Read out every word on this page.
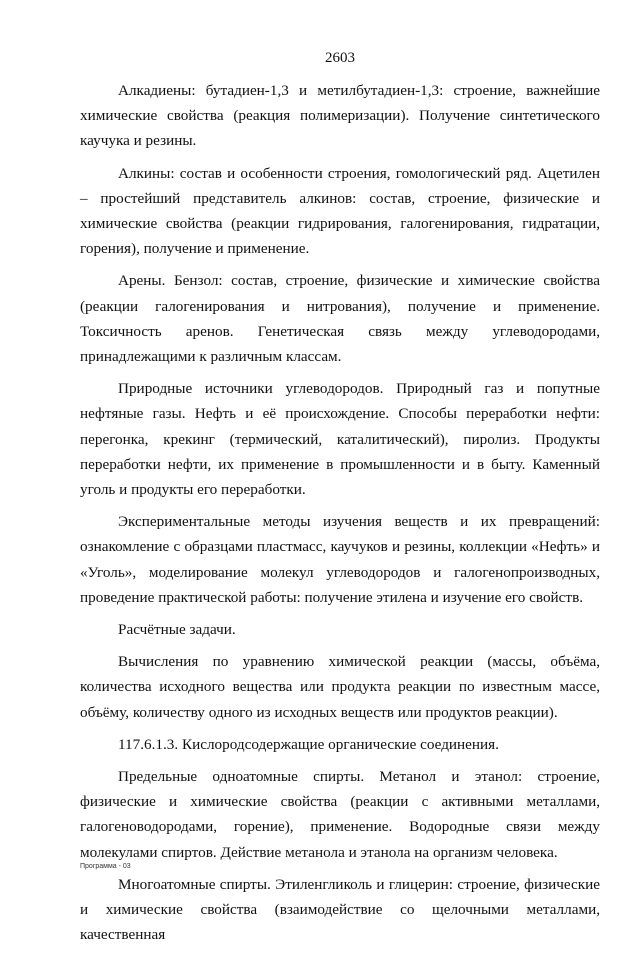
2603

Алкадиены: бутадиен-1,3 и метилбутадиен-1,3: строение, важнейшие химические свойства (реакция полимеризации). Получение синтетического каучука и резины.

Алкины: состав и особенности строения, гомологический ряд. Ацетилен – простейший представитель алкинов: состав, строение, физические и химические свойства (реакции гидрирования, галогенирования, гидратации, горения), получение и применение.

Арены. Бензол: состав, строение, физические и химические свойства (реакции галогенирования и нитрования), получение и применение. Токсичность аренов. Генетическая связь между углеводородами, принадлежащими к различным классам.

Природные источники углеводородов. Природный газ и попутные нефтяные газы. Нефть и её происхождение. Способы переработки нефти: перегонка, крекинг (термический, каталитический), пиролиз. Продукты переработки нефти, их применение в промышленности и в быту. Каменный уголь и продукты его переработки.

Экспериментальные методы изучения веществ и их превращений: ознакомление с образцами пластмасс, каучуков и резины, коллекции «Нефть» и «Уголь», моделирование молекул углеводородов и галогенопроизводных, проведение практической работы: получение этилена и изучение его свойств.

Расчётные задачи.

Вычисления по уравнению химической реакции (массы, объёма, количества исходного вещества или продукта реакции по известным массе, объёму, количеству одного из исходных веществ или продуктов реакции).

117.6.1.3. Кислородсодержащие органические соединения.

Предельные одноатомные спирты. Метанол и этанол: строение, физические и химические свойства (реакции с активными металлами, галогеноводородами, горение), применение. Водородные связи между молекулами спиртов. Действие метанола и этанола на организм человека.

Многоатомные спирты. Этиленгликоль и глицерин: строение, физические и химические свойства (взаимодействие со щелочными металлами, качественная

Программа - 03
